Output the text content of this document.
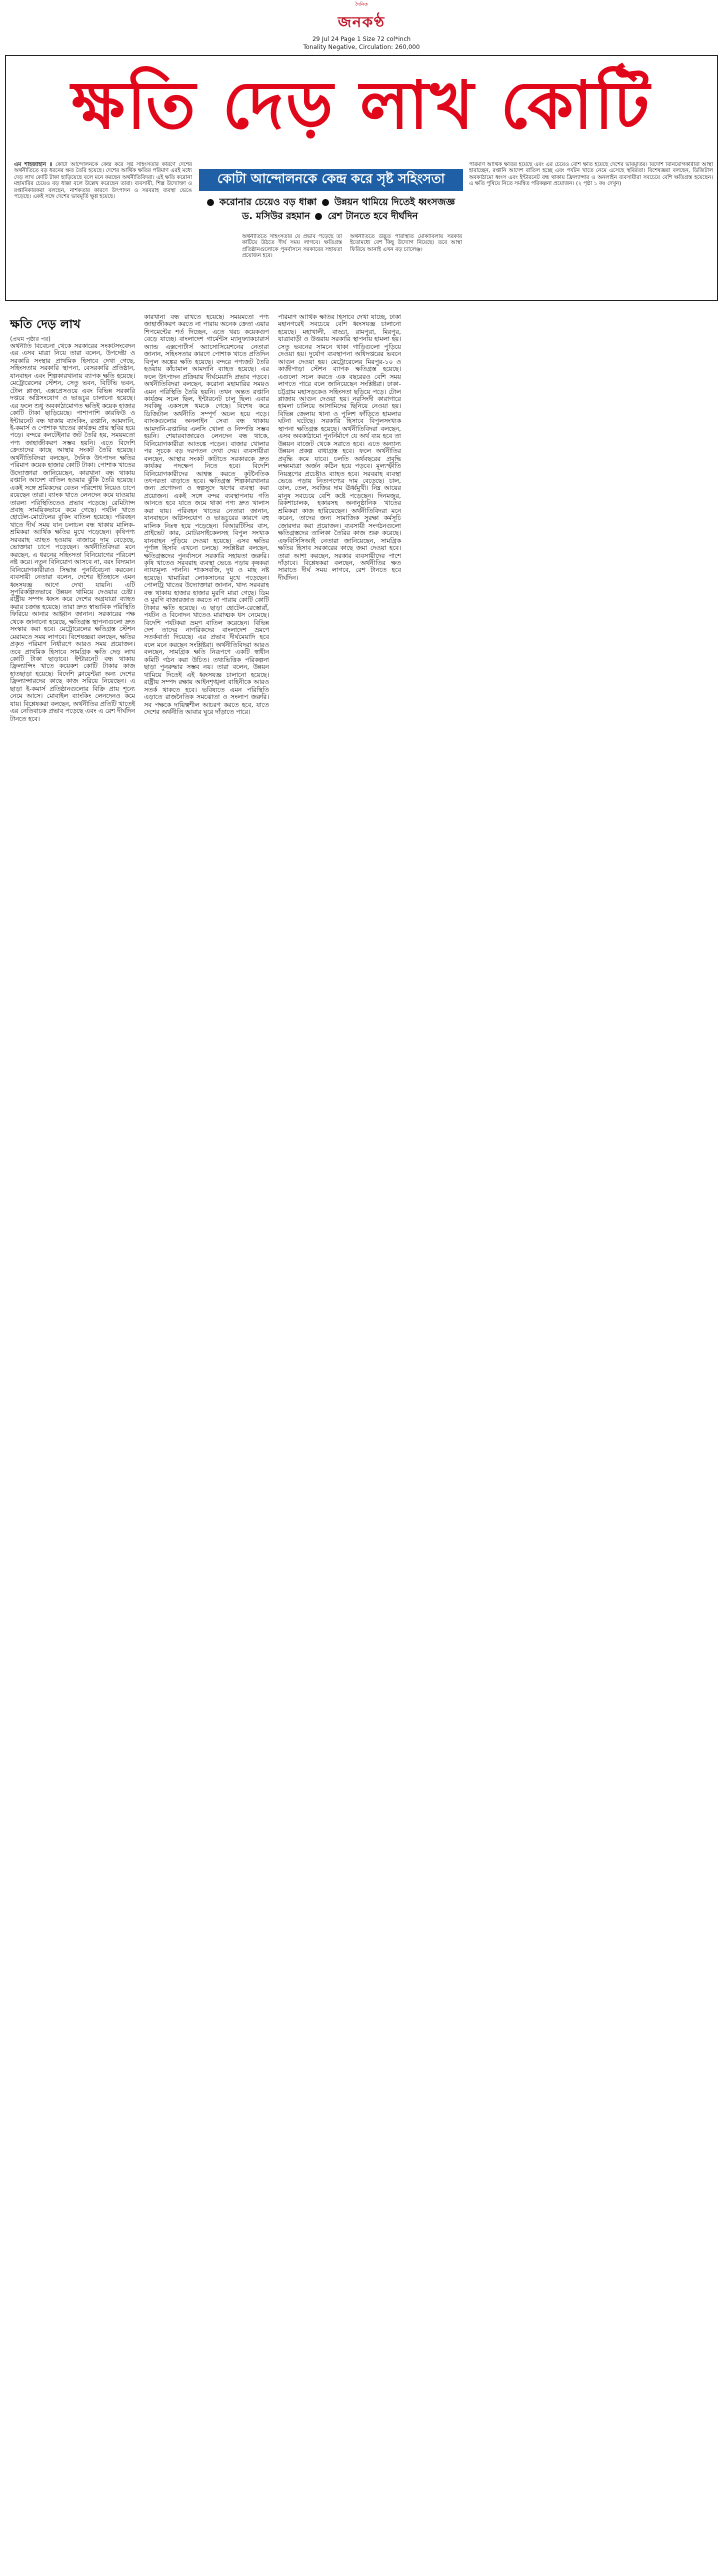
দৈনিক
জনকণ্ঠ
29 Jul 24 Page 1 Size 72 col*inch
Tonality Negative, Circulation: 260,000
ক্ষতি দেড় লাখ কোটি
কোটা আন্দোলনকে কেন্দ্র করে সৃষ্ট সহিংসতা
করোনার চেয়েও বড় ধাক্কা উন্নয়ন থামিয়ে দিতেই ধ্বংসজজ্ঞ
ড. মসিউর রহমান রেশ টানতে হবে দীর্ঘদিন
এম শাহজাহান ॥ কোটা আন্দোলনকে কেন্দ্র করে সৃষ্ট সহিংসতার কারণে দেশের অর্থনীতিতে বড় ধরনের ক্ষত তৈরি হয়েছে। দেশের আর্থিক ক্ষতির পরিমাণ এরই মধ্যে দেড় লাখ কোটি টাকা ছাড়িয়েছে বলে মনে করছেন অর্থনীতিবিদরা। এই ক্ষতি করোনা মহামারির চেয়েও বড় ধাক্কা বলে উল্লেখ করেছেন তারা। ব্যবসায়ী, শিল্প উদ্যোক্তা ও রপ্তানিকারকরা বলছেন, নাশকতার কারণে উৎপাদন ও সরবরাহ ব্যবস্থা ভেঙে পড়েছে। একই সঙ্গে দেশের ভাবমূর্তি ক্ষুণ্ণ হয়েছে।
অর্থনীতিতে সহিংসতার যে প্রভাব পড়েছে তা কাটিয়ে উঠতে দীর্ঘ সময় লাগবে। ক্ষতিগ্রস্ত প্রতিষ্ঠানগুলোকে পুনর্বাসনে সরকারের সহায়তা প্রয়োজন হবে।
অর্থনীতিতে উদ্ভূত পরিস্থিতি মোকাবিলায় সরকার ইতোমধ্যে বেশ কিছু উদ্যোগ নিয়েছে। তবে আস্থা ফিরিয়ে আনাই এখন বড় চ্যালেঞ্জ।
পরিমাণ আর্থিক ক্ষতির হয়েছে এবং এর চেয়েও বেশি ক্ষতি হয়েছে দেশের ভাবমূর্তির। বিদেশি বিনিয়োগকারীরা আস্থা হারাচ্ছেন, রপ্তানি আদেশ বাতিল হচ্ছে এবং পর্যটন খাতে নেমে এসেছে স্থবিরতা। বিশেষজ্ঞরা বলছেন, ডিজিটাল অবকাঠামো ধ্বংস এবং ইন্টারনেট বন্ধ থাকায় ফ্রিল্যান্সার ও অনলাইন ব্যবসায়ীরা সবচেয়ে বেশি ক্ষতিগ্রস্ত হয়েছেন। এ ক্ষতি পুষিয়ে নিতে সমন্বিত পরিকল্পনা প্রয়োজন। (২ পৃষ্ঠা ১ কঃ দেখুন)
ক্ষতি দেড় লাখ
(প্রথম পৃষ্ঠার পর)
অর্থনীতি বিবেচনা থেকে সরকারের সংকটসংবেদন এর এসব মাত্রা নিয়ে তারা বলেন, উপদেষ্টা ও সরকারি সংস্থার প্রাথমিক হিসাবে দেখা গেছে, সহিংসতায় সরকারি স্থাপনা, বেসরকারি প্রতিষ্ঠান, যানবাহন এবং শিল্পকারখানায় ব্যাপক ক্ষতি হয়েছে। মেট্রোরেলের স্টেশন, সেতু ভবন, বিটিভি ভবন, টোল প্লাজা, এক্সপ্রেসওয়ে এবং বিভিন্ন সরকারি দপ্তরে অগ্নিসংযোগ ও ভাঙচুর চালানো হয়েছে। এর ফলে শুধু অবকাঠামোগত ক্ষতিই কয়েক হাজার কোটি টাকা ছাড়িয়েছে। পাশাপাশি কারফিউ ও ইন্টারনেট বন্ধ থাকায় ব্যাংকিং, রপ্তানি, আমদানি, ই-কমার্স ও পোশাক খাতের কার্যক্রম প্রায় স্থবির হয়ে পড়ে। বন্দরে কনটেইনার জট তৈরি হয়, সময়মতো পণ্য জাহাজীকরণ সম্ভব হয়নি। এতে বিদেশি ক্রেতাদের কাছে আস্থার সংকট তৈরি হয়েছে। অর্থনীতিবিদরা বলছেন, দৈনিক উৎপাদন ক্ষতির পরিমাণ কয়েক হাজার কোটি টাকা। পোশাক খাতের উদ্যোক্তারা জানিয়েছেন, কারখানা বন্ধ থাকায় রপ্তানি আদেশ বাতিল হওয়ার ঝুঁকি তৈরি হয়েছে। একই সঙ্গে শ্রমিকদের বেতন পরিশোধ নিয়েও চাপে রয়েছেন তারা। ব্যাংক খাতে লেনদেন কমে যাওয়ায় তারল্য পরিস্থিতিতেও প্রভাব পড়েছে। রেমিট্যান্স প্রবাহ সাময়িকভাবে কমে গেছে। পর্যটন খাতে হোটেল-মোটেলের বুকিং বাতিল হয়েছে। পরিবহন খাতে দীর্ঘ সময় যান চলাচল বন্ধ থাকায় মালিক-শ্রমিকরা আর্থিক ক্ষতির মুখে পড়েছেন। কৃষিপণ্য সরবরাহ ব্যাহত হওয়ায় বাজারে দাম বেড়েছে, ভোক্তারা চাপে পড়েছেন। অর্থনীতিবিদরা মনে করছেন, এ ধরনের সহিংসতা বিনিয়োগের পরিবেশ নষ্ট করে। নতুন বিনিয়োগ আসবে না, বরং বিদ্যমান বিনিয়োগকারীরাও সিদ্ধান্ত পুনর্বিবেচনা করবেন। ব্যবসায়ী নেতারা বলেন, দেশের ইতিহাসে এমন ধ্বংসযজ্ঞ আগে দেখা যায়নি। এটি সুপরিকল্পিতভাবে উন্নয়ন থামিয়ে দেওয়ার চেষ্টা। রাষ্ট্রীয় সম্পদ ধ্বংস করে দেশের অগ্রযাত্রা ব্যাহত করার চক্রান্ত হয়েছে। তারা দ্রুত স্বাভাবিক পরিস্থিতি ফিরিয়ে আনার আহ্বান জানান। সরকারের পক্ষ থেকে জানানো হয়েছে, ক্ষতিগ্রস্ত স্থাপনাগুলো দ্রুত সংস্কার করা হবে। মেট্রোরেলের ক্ষতিগ্রস্ত স্টেশন মেরামতে সময় লাগবে। বিশেষজ্ঞরা বলছেন, ক্ষতির প্রকৃত পরিমাণ নির্ধারণে আরও সময় প্রয়োজন। তবে প্রাথমিক হিসাবে সামগ্রিক ক্ষতি দেড় লাখ কোটি টাকা ছাড়াবে। ইন্টারনেট বন্ধ থাকায় ফ্রিল্যান্সিং খাতে কয়েকশ কোটি টাকার কাজ হাতছাড়া হয়েছে। বিদেশি ক্লায়েন্টরা অন্য দেশের ফ্রিল্যান্সারদের কাছে কাজ সরিয়ে নিয়েছেন। এ ছাড়া ই-কমার্স প্রতিষ্ঠানগুলোর বিক্রি প্রায় শূন্যে নেমে আসে। মোবাইল ব্যাংকিং লেনদেনও কমে যায়। বিশ্লেষকরা বলছেন, অর্থনীতির প্রতিটি খাতেই এর নেতিবাচক প্রভাব পড়েছে এবং এ রেশ দীর্ঘদিন টানতে হবে।
কারখানা বন্ধ রাখতে হয়েছে। সময়মতো পণ্য জাহাজীকরণ করতে না পারায় অনেক ক্রেতা এয়ার শিপমেন্টের শর্ত দিচ্ছেন, এতে খরচ কয়েকগুণ বেড়ে যাচ্ছে। বাংলাদেশ গার্মেন্টস ম্যানুফ্যাকচারার্স অ্যান্ড এক্সপোর্টার্স অ্যাসোসিয়েশনের নেতারা জানান, সহিংসতার কারণে পোশাক খাতে প্রতিদিন বিপুল অঙ্কের ক্ষতি হয়েছে। বন্দরে পণ্যজট তৈরি হওয়ায় কাঁচামাল আমদানি ব্যাহত হয়েছে। এর ফলে উৎপাদন প্রক্রিয়ায় দীর্ঘমেয়াদি প্রভাব পড়বে। অর্থনীতিবিদরা বলছেন, করোনা মহামারির সময়ও এমন পরিস্থিতি তৈরি হয়নি। তখন অন্তত রপ্তানি কার্যক্রম সচল ছিল, ইন্টারনেট চালু ছিল। এবার সবকিছু একসঙ্গে থমকে গেছে। বিশেষ করে ডিজিটাল অর্থনীতি সম্পূর্ণ অচল হয়ে পড়ে। ব্যাংকগুলোর অনলাইন সেবা বন্ধ থাকায় আমদানি-রপ্তানির এলসি খোলা ও নিষ্পত্তি সম্ভব হয়নি। শেয়ারবাজারেও লেনদেন বন্ধ থাকে, বিনিয়োগকারীরা আতঙ্কে পড়েন। বাজার খোলার পর সূচকে বড় দরপতন দেখা দেয়। ব্যবসায়ীরা বলছেন, আস্থার সংকট কাটাতে সরকারকে দ্রুত কার্যকর পদক্ষেপ নিতে হবে। বিদেশি বিনিয়োগকারীদের আশ্বস্ত করতে কূটনৈতিক তৎপরতা বাড়াতে হবে। ক্ষতিগ্রস্ত শিল্পকারখানার জন্য প্রণোদনা ও স্বল্পসুদে ঋণের ব্যবস্থা করা প্রয়োজন। একই সঙ্গে বন্দর ব্যবস্থাপনায় গতি আনতে হবে যাতে জমে থাকা পণ্য দ্রুত খালাস করা যায়। পরিবহন খাতের নেতারা জানান, যানবাহনে অগ্নিসংযোগ ও ভাঙচুরের কারণে বহু মালিক নিঃস্ব হয়ে পড়েছেন। বিআরটিসির বাস, প্রাইভেট কার, মোটরসাইকেলসহ বিপুল সংখ্যক যানবাহন পুড়িয়ে দেওয়া হয়েছে। এসব ক্ষতির পূর্ণাঙ্গ হিসাব এখনো চলছে। সংশ্লিষ্টরা বলছেন, ক্ষতিগ্রস্তদের পুনর্বাসনে সরকারি সহায়তা জরুরি। কৃষি খাতেও সরবরাহ ব্যবস্থা ভেঙে পড়ায় কৃষকরা ন্যায্যমূল্য পাননি। শাকসবজি, দুধ ও মাছ নষ্ট হয়েছে। খামারিরা লোকসানের মুখে পড়েছেন। পোলট্রি খাতের উদ্যোক্তারা জানান, খাদ্য সরবরাহ বন্ধ থাকায় হাজার হাজার মুরগি মারা গেছে। ডিম ও মুরগি বাজারজাত করতে না পারায় কোটি কোটি টাকার ক্ষতি হয়েছে। এ ছাড়া হোটেল-রেস্তোরাঁ, পর্যটন ও বিনোদন খাতেও মারাত্মক ধস নেমেছে। বিদেশি পর্যটকরা ভ্রমণ বাতিল করেছেন। বিভিন্ন দেশ তাদের নাগরিকদের বাংলাদেশ ভ্রমণে সতর্কবার্তা দিয়েছে। এর প্রভাব দীর্ঘমেয়াদি হবে বলে মনে করছেন সংশ্লিষ্টরা। অর্থনীতিবিদরা আরও বলছেন, সামগ্রিক ক্ষতি নিরূপণে একটি স্বাধীন কমিটি গঠন করা উচিত। তথ্যভিত্তিক পরিকল্পনা ছাড়া পুনরুদ্ধার সম্ভব নয়। তারা বলেন, উন্নয়ন থামিয়ে দিতেই এই ধ্বংসযজ্ঞ চালানো হয়েছে। রাষ্ট্রীয় সম্পদ রক্ষায় আইনশৃঙ্খলা বাহিনীকে আরও সতর্ক থাকতে হবে। ভবিষ্যতে এমন পরিস্থিতি এড়াতে রাজনৈতিক সমঝোতা ও সংলাপ জরুরি। সব পক্ষকে দায়িত্বশীল আচরণ করতে হবে, যাতে দেশের অর্থনীতি আবার ঘুরে দাঁড়াতে পারে।
পরিমাণ আর্থিক ক্ষতির হিসাবে দেখা যাচ্ছে, ঢাকা মহানগরেই সবচেয়ে বেশি ধ্বংসযজ্ঞ চালানো হয়েছে। মহাখালী, বাড্ডা, রামপুরা, মিরপুর, যাত্রাবাড়ী ও উত্তরায় সরকারি স্থাপনায় হামলা হয়। সেতু ভবনের সামনে থাকা গাড়িগুলো পুড়িয়ে দেওয়া হয়। দুর্যোগ ব্যবস্থাপনা অধিদপ্তরের ভবনে আগুন দেওয়া হয়। মেট্রোরেলের মিরপুর-১০ ও কাজীপাড়া স্টেশন ব্যাপক ক্ষতিগ্রস্ত হয়েছে। এগুলো সচল করতে এক বছরেরও বেশি সময় লাগতে পারে বলে জানিয়েছেন সংশ্লিষ্টরা। ঢাকা-চট্টগ্রাম মহাসড়কেও সহিংসতা ছড়িয়ে পড়ে। টোল প্লাজায় আগুন দেওয়া হয়। নরসিংদী কারাগারে হামলা চালিয়ে আসামিদের ছিনিয়ে নেওয়া হয়। বিভিন্ন জেলায় থানা ও পুলিশ ফাঁড়িতে হামলার ঘটনা ঘটেছে। সরকারি হিসাবে বিপুলসংখ্যক স্থাপনা ক্ষতিগ্রস্ত হয়েছে। অর্থনীতিবিদরা বলছেন, এসব অবকাঠামো পুনর্নির্মাণে যে অর্থ ব্যয় হবে তা উন্নয়ন বাজেট থেকে সরাতে হবে। এতে অন্যান্য উন্নয়ন প্রকল্প বাধাগ্রস্ত হবে। ফলে অর্থনীতির প্রবৃদ্ধি কমে যাবে। চলতি অর্থবছরের প্রবৃদ্ধি লক্ষ্যমাত্রা অর্জন কঠিন হয়ে পড়বে। মূল্যস্ফীতি নিয়ন্ত্রণের প্রচেষ্টাও ব্যাহত হবে। সরবরাহ ব্যবস্থা ভেঙে পড়ায় নিত্যপণ্যের দাম বেড়েছে। চাল, ডাল, তেল, সবজির দাম ঊর্ধ্বমুখী। নিম্ন আয়ের মানুষ সবচেয়ে বেশি কষ্টে পড়েছেন। দিনমজুর, রিকশাচালক, হকারসহ অনানুষ্ঠানিক খাতের শ্রমিকরা কাজ হারিয়েছেন। অর্থনীতিবিদরা মনে করেন, তাদের জন্য সামাজিক সুরক্ষা কর্মসূচি জোরদার করা প্রয়োজন। ব্যবসায়ী সংগঠনগুলো ক্ষতিগ্রস্তদের তালিকা তৈরির কাজ শুরু করেছে। এফবিসিসিআই নেতারা জানিয়েছেন, সামগ্রিক ক্ষতির হিসাব সরকারের কাছে জমা দেওয়া হবে। তারা আশা করছেন, সরকার ব্যবসায়ীদের পাশে দাঁড়াবে। বিশ্লেষকরা বলছেন, অর্থনীতির ক্ষত সারাতে দীর্ঘ সময় লাগবে, রেশ টানতে হবে দীর্ঘদিন।
